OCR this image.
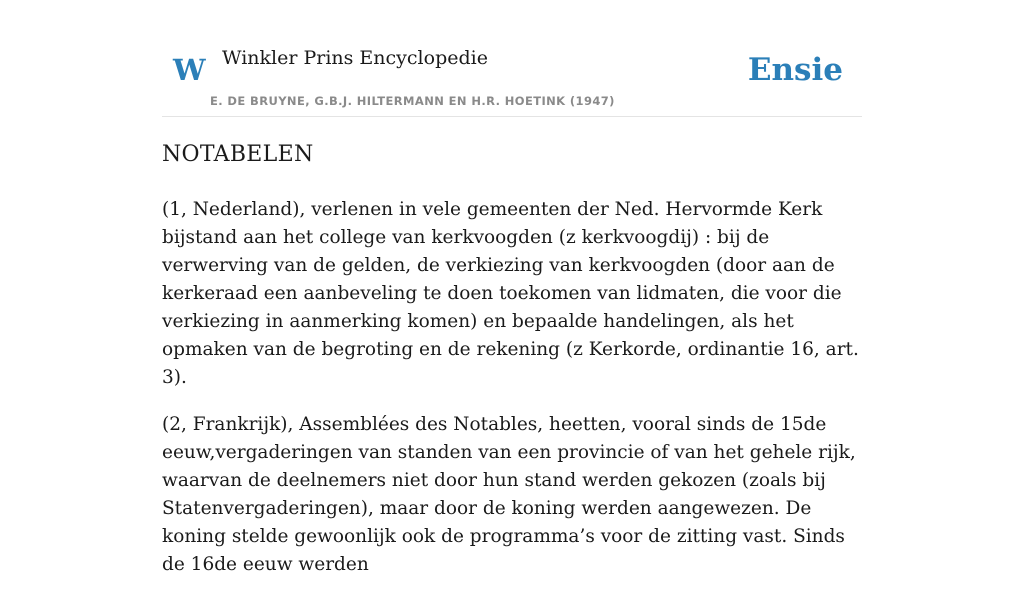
W Winkler Prins Encyclopedie
E. DE BRUYNE, G.B.J. HILTERMANN EN H.R. HOETINK (1947)
Ensie
NOTABELEN

(1, Nederland), verlenen in vele gemeenten der Ned. Hervormde Kerk bijstand aan het college van kerkvoogden (z kerkvoogdij) : bij de verwerving van de gelden, de verkiezing van kerkvoogden (door aan de kerkeraad een aanbeveling te doen toekomen van lidmaten, die voor die verkiezing in aanmerking komen) en bepaalde handelingen, als het opmaken van de begroting en de rekening (z Kerkorde, ordinantie 16, art. 3).

(2, Frankrijk), Assemblées des Notables, heetten, vooral sinds de 15de eeuw,vergaderingen van standen van een provincie of van het gehele rijk, waarvan de deelnemers niet door hun stand werden gekozen (zoals bij Statenvergaderingen), maar door de koning werden aangewezen. De koning stelde gewoonlijk ook de programma’s voor de zitting vast. Sinds de 16de eeuw werden
